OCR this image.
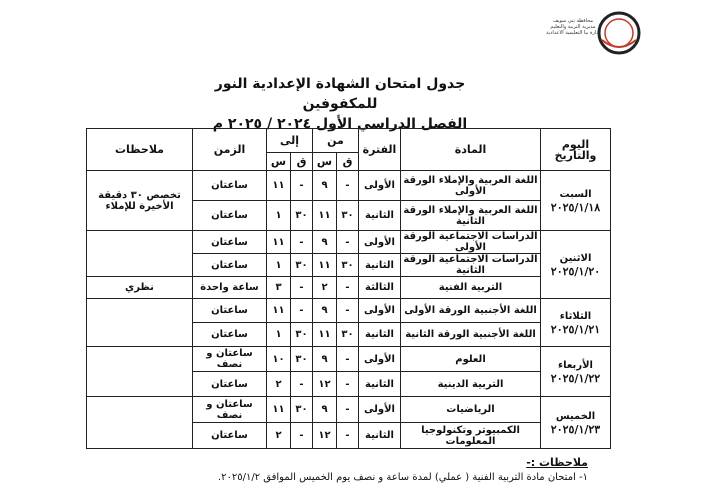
محافظة بني سويف
مديرية التربية والتعليم
ادارة ببا التعليمية الاعدادية
جدول امتحان الشهادة الإعدادية النور للمكفوفين
الفصل الدراسي الأول ٢٠٢٤ / ٢٠٢٥ م
اليوم والتاريخ	المادة	الفترة	من		إلى		الزمن	ملاحظات
			ق	س	ق	س		

السبت
٢٠٢٥/١/١٨	اللغة العربية والإملاء الورقة الأولى	الأولى	-	٩	-	١١	ساعتان	تخصص ٣٠ دقيقة الأخيرة للإملاء
	اللغة العربية والإملاء الورقة الثانية	الثانية	٣٠	١١	٣٠	١	ساعتان	

الاثنين
٢٠٢٥/١/٢٠	الدراسات الاجتماعية الورقة الأولى	الأولى	-	٩	-	١١	ساعتان	
	الدراسات الاجتماعية الورقة الثانية	الثانية	٣٠	١١	٣٠	١	ساعتان	
	التربية الفنية	الثالثة	-	٢	-	٣	ساعة واحدة	نظري

الثلاثاء
٢٠٢٥/١/٢١	اللغة الأجنبية الورقة الأولى	الأولى	-	٩	-	١١	ساعتان	
	اللغة الأجنبية الورقة الثانية	الثانية	٣٠	١١	٣٠	١	ساعتان	

الأربعاء
٢٠٢٥/١/٢٢	العلوم	الأولى	-	٩	٣٠	١٠	ساعتان و نصف	
	التربية الدينية	الثانية	-	١٢	-	٢	ساعتان	

الخميس
٢٠٢٥/١/٢٣	الرياضيات	الأولى	-	٩	٣٠	١١	ساعتان و نصف	
	الكمبيوتر وتكنولوجيا المعلومات	الثانية	-	١٢	-	٢	ساعتان	
ملاحظات :-
١- امتحان مادة التربية الفنية ( عملي) لمدة ساعة و نصف يوم الخميس الموافق ٢٠٢٥/١/٢.
